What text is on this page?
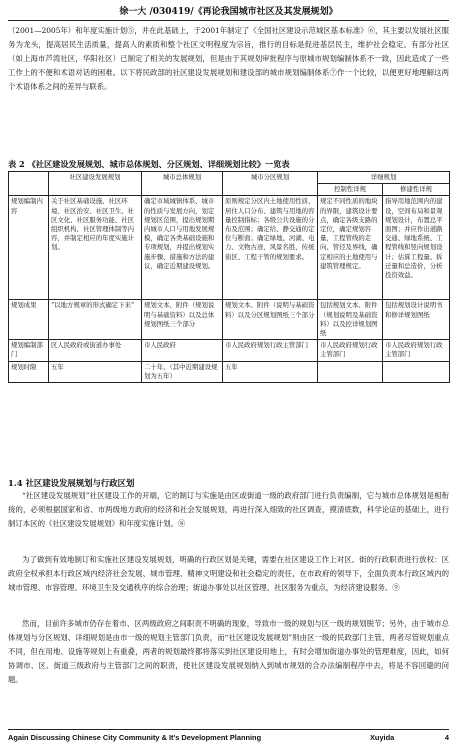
徐一大 /030419/《再论我国城市社区及其发展规划》

（2001—2005年）和年度实施计划⑤，并在此基础上，于2001年制定了《全国社区建设示范城区基本标准》⑥，其主要以发展社区服务为龙头，提高居民生活质量，提高人的素质和整个社区文明程度为宗旨，推行的目标是促进基层民主，维护社会稳定。有部分社区（如上海市芦湾社区，华阳社区）已制定了相关的发展规划，但是由于其规划审批程序与原城市规划编制体系不一致，因此造成了一些工作上的不便和术语对话的困难。以下将民政部的社区建设发展规划和建设部的城市规划编制体系⑦作一个比较，以便更好地理解这两个术语体系之间的差异与联系。

表 2 《社区建设发展规划、城市总体规划、分区规划、详细规划比较》一览表
	社区建设发展规划	城市总体规划	城市分区规划	详细规划	
				控制性详规	修建性详规
规划编制内容	关于社区基础设施、社区环境、社区治安、社区卫生、社区文化、社区服务功能、社区组织机构、社区管理体制等内容，并制定相应的年度实施计划。	确定市域城镇体系、城市的性质与发展方向，划定规划区范围，提出规划期内城市人口与用地发展规模，确定各类基础设施和专项规划，并提出规划实施步骤、措施和方法的建议，确定近期建设规划。	原则规定分区内土地使用性质、居住人口分布、建筑与用地的容量控制指标；各级公共设施的分布及范围；确定给、静交通的定位与断面；确定绿地、河湖、电力、文物古迹、风景名胜、传统街区、工程干管的规划要求。	规定不同性质的地块的界限，建筑设计要点，确定各级支路的定位，确定规划容量，工程管线的走向、管径及界线，确定相应的土地使用与建筑管理规定。	指导用地范围内的建设，空间布局和景观规划设计，布置总平面图；并应作出道路交通、绿地系统、工程管线和竖向规划设计；估算工程量、拆迁量和总造价，分析投资效益。
规划成果	“以地方规章的形式确定下来”	规划文本、附件（规划说明与基础资料）以及总体规划图纸三个部分	规划文本、附件（说明与基础资料）以及分区规划图纸三个部分	包括规划文本、附件（规划说明及基础资料）以及控详规划图纸	包括规划设计说明书和修详规划图纸
规划编制部门	区人民政府或街道办事处	市人民政府	市人民政府规划行政主管部门	市人民政府规划行政主管部门	市人民政府规划行政主管部门
规划时限	五年	二十年，（其中近期建设规划为五年）	五年		
1.4 社区建设发展规划与行政区划

“社区建设发展规划”社区建设工作的开端，它的制订与实施是由区或街道一级的政府部门进行负责编制，它与城市总体规划是相衔接的，必须根据国家和省、市两级地方政府的经济和社会发展规划，再进行深入细致的社区调查，摸清底数，科学论证的基础上，进行制订本区的《社区建设发展规划》和年度实施计划。⑧

为了做到有效地制订和实施社区建设发展规划，明确的行政区划是关键，需要在社区建设工作上对区、街的行政职责进行放权：区政府全权承担本行政区域内经济社会发展、城市管理、精神文明建设和社会稳定的责任，在市政府的领导下，全面负责本行政区域内的城市管理、市容管理、环境卫生及交通秩序的综合治理；街道办事处以社区管理、社区服务为重点，为经济建设服务。⑨

然而，目前许多城市仍存在着市、区两级政府之间职责不明确的现象，导致市一级的规划与区一级的规划脱节；另外，由于城市总体规划与分区规划、详细规划是由市一级的规划主管部门负责，而“社区建设发展规划”则由区一级的民政部门主管，两者尽管规划重点不同，但在用地、设施等规划上有重叠，两者的规划最终都将落实到社区建设用地上，有时会增加街道办事处的管理难度，因此，如何协调市、区、街道三级政府与主管部门之间的职责，使社区建设发展规划纳入到城市规划的合办法编制程序中去，将是不容回避的问题。

Again Discussing Chinese City Community & It's Development Planning	Xuyida	4
